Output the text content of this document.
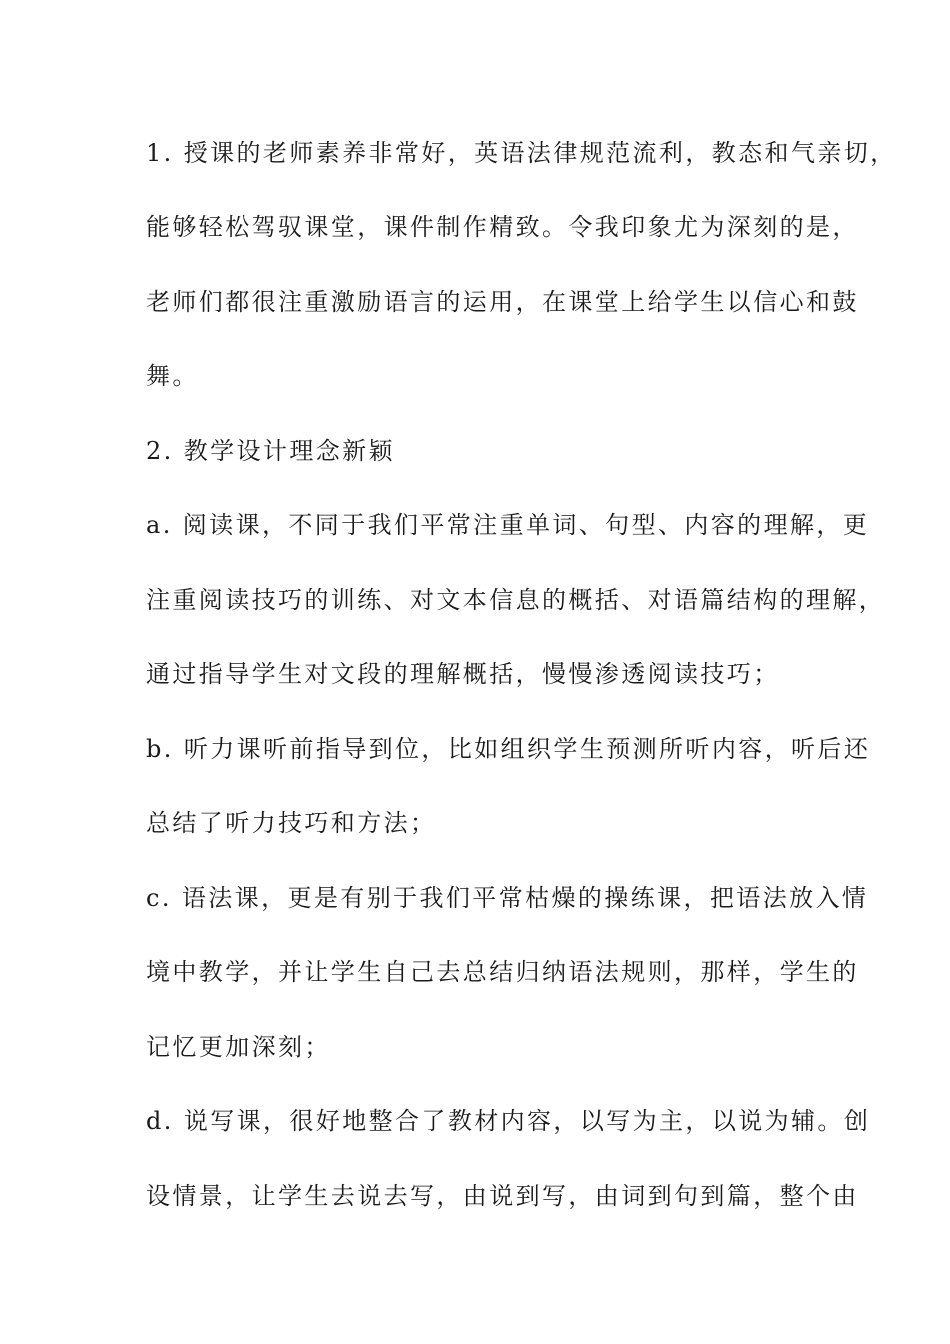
1. 授课的老师素养非常好，英语法律规范流利，教态和气亲切，
能够轻松驾驭课堂，课件制作精致。令我印象尤为深刻的是，
老师们都很注重激励语言的运用，在课堂上给学生以信心和鼓
舞。
2. 教学设计理念新颖
a. 阅读课，不同于我们平常注重单词、句型、内容的理解，更
注重阅读技巧的训练、对文本信息的概括、对语篇结构的理解，
通过指导学生对文段的理解概括，慢慢渗透阅读技巧；
b. 听力课听前指导到位，比如组织学生预测所听内容，听后还
总结了听力技巧和方法；
c. 语法课，更是有别于我们平常枯燥的操练课，把语法放入情
境中教学，并让学生自己去总结归纳语法规则，那样，学生的
记忆更加深刻；
d. 说写课，很好地整合了教材内容，以写为主，以说为辅。创
设情景，让学生去说去写，由说到写，由词到句到篇，整个由
